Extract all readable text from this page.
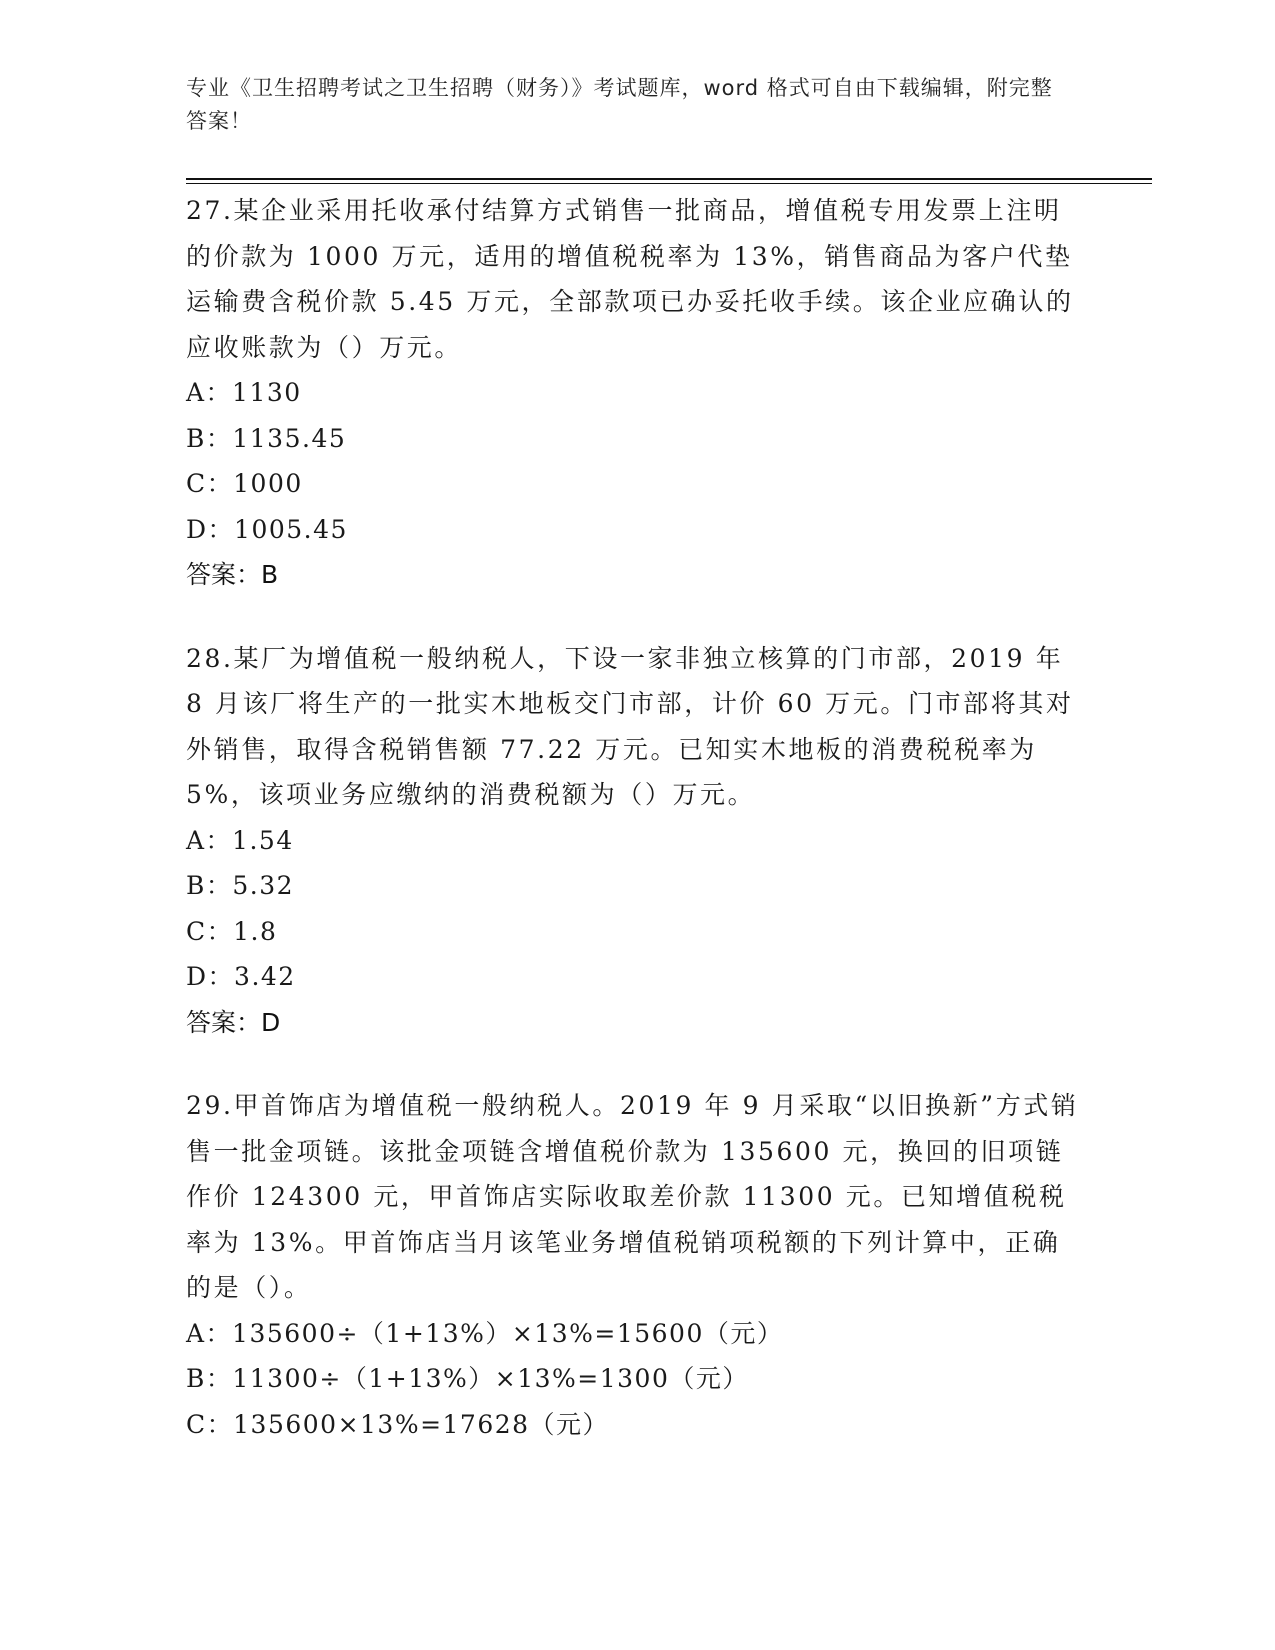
专业《卫生招聘考试之卫生招聘（财务）》考试题库，word 格式可自由下载编辑，附完整答案！

27.某企业采用托收承付结算方式销售一批商品，增值税专用发票上注明的价款为 1000 万元，适用的增值税税率为 13%，销售商品为客户代垫运输费含税价款 5.45 万元，全部款项已办妥托收手续。该企业应确认的应收账款为（）万元。

A：1130

B：1135.45

C：1000

D：1005.45

答案：B

28.某厂为增值税一般纳税人，下设一家非独立核算的门市部，2019 年 8 月该厂将生产的一批实木地板交门市部，计价 60 万元。门市部将其对外销售，取得含税销售额 77.22 万元。已知实木地板的消费税税率为 5%，该项业务应缴纳的消费税额为（）万元。

A：1.54

B：5.32

C：1.8

D：3.42

答案：D

29.甲首饰店为增值税一般纳税人。2019 年 9 月采取“以旧换新”方式销售一批金项链。该批金项链含增值税价款为 135600 元，换回的旧项链作价 124300 元，甲首饰店实际收取差价款 11300 元。已知增值税税率为 13%。甲首饰店当月该笔业务增值税销项税额的下列计算中，正确的是（）。

A：135600÷（1+13%）×13%=15600（元）

B：11300÷（1+13%）×13%=1300（元）

C：135600×13%=17628（元）
